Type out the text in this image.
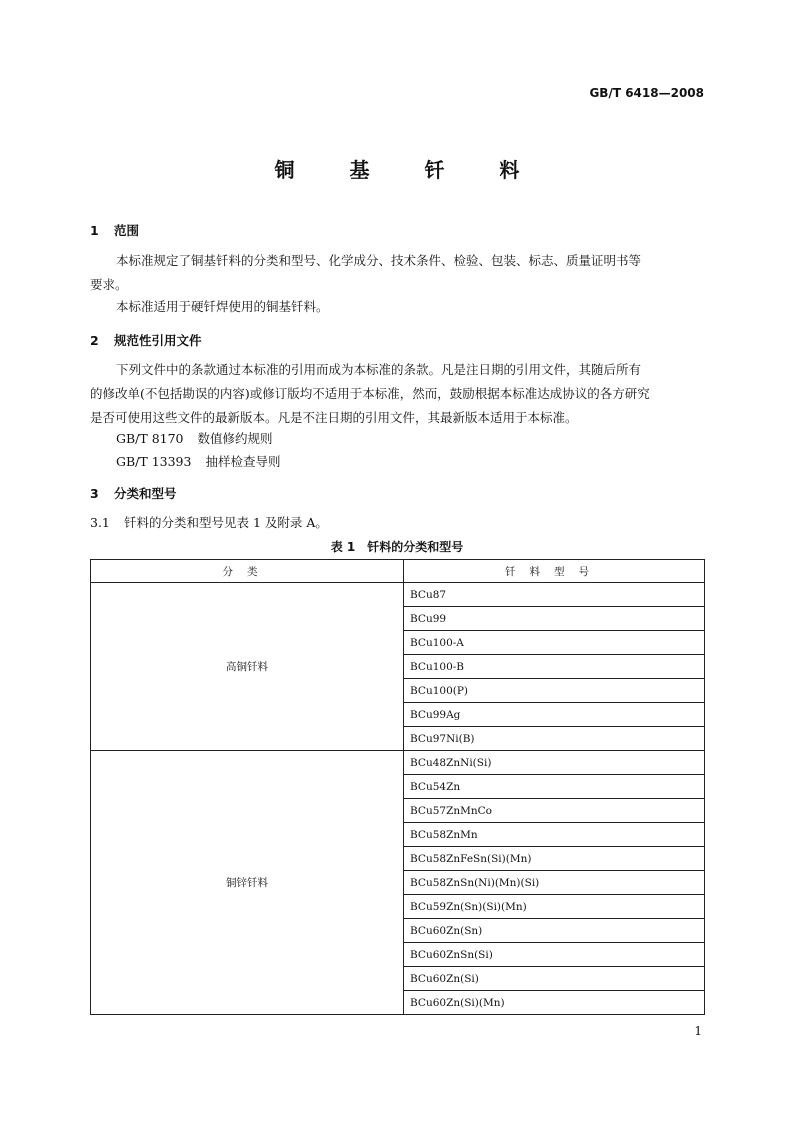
GB/T 6418—2008
铜 基 钎 料
1 范围
本标准规定了铜基钎料的分类和型号、化学成分、技术条件、检验、包装、标志、质量证明书等
要求。
本标准适用于硬钎焊使用的铜基钎料。
2 规范性引用文件
下列文件中的条款通过本标准的引用而成为本标准的条款。凡是注日期的引用文件，其随后所有
的修改单(不包括勘误的内容)或修订版均不适用于本标准，然而，鼓励根据本标准达成协议的各方研究
是否可使用这些文件的最新版本。凡是不注日期的引用文件，其最新版本适用于本标准。
GB/T 8170 数值修约规则
GB/T 13393 抽样检查导则
3 分类和型号
3.1 钎料的分类和型号见表 1 及附录 A。
表 1　钎料的分类和型号
分类	钎料型号
高铜钎料	BCu87
	BCu99
	BCu100-A
	BCu100-B
	BCu100(P)
	BCu99Ag
	BCu97Ni(B)
铜锌钎料	BCu48ZnNi(Si)
	BCu54Zn
	BCu57ZnMnCo
	BCu58ZnMn
	BCu58ZnFeSn(Si)(Mn)
	BCu58ZnSn(Ni)(Mn)(Si)
	BCu59Zn(Sn)(Si)(Mn)
	BCu60Zn(Sn)
	BCu60ZnSn(Si)
	BCu60Zn(Si)
	BCu60Zn(Si)(Mn)
1
